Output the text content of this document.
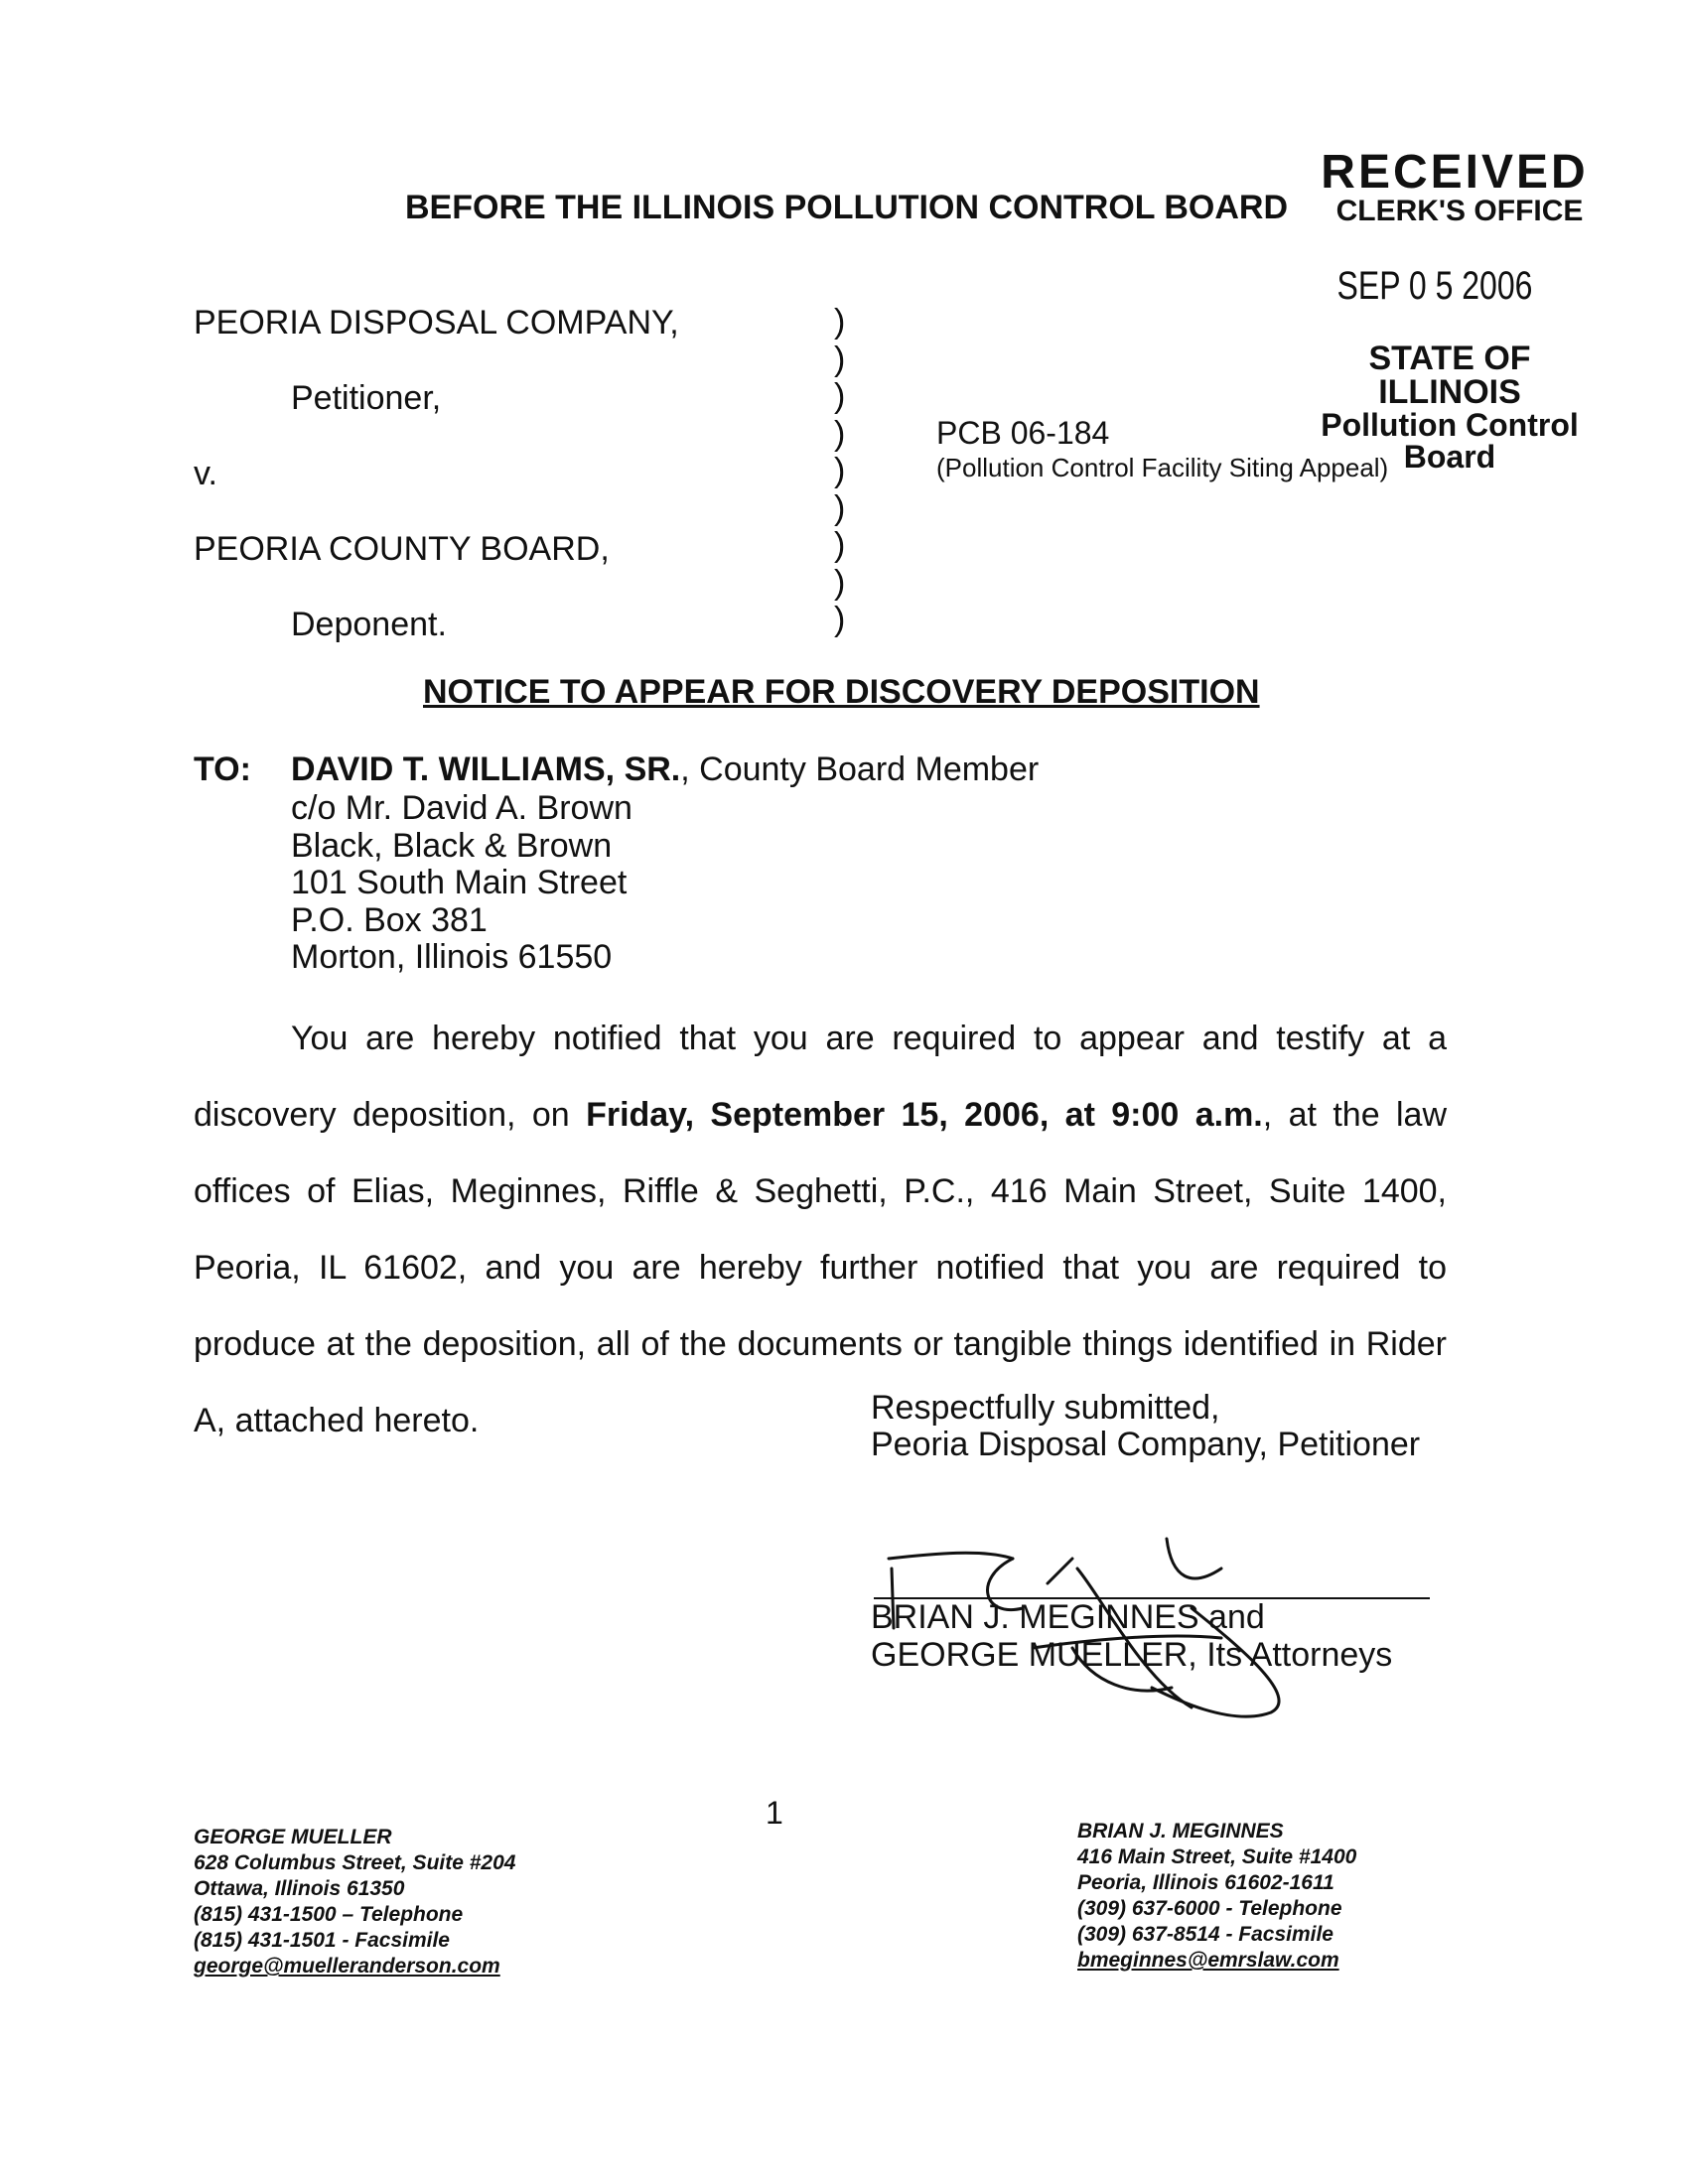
RECEIVED
CLERK'S OFFICE
SEP 0 5 2006
STATE OF ILLINOIS
Pollution Control Board
BEFORE THE ILLINOIS POLLUTION CONTROL BOARD
PEORIA DISPOSAL COMPANY,
Petitioner,
v.
PEORIA COUNTY BOARD,
Deponent.
)
)
)
)
)
)
)
)
)
PCB 06-184
(Pollution Control Facility Siting Appeal)
NOTICE TO APPEAR FOR DISCOVERY DEPOSITION
TO: DAVID T. WILLIAMS, SR., County Board Member
c/o Mr. David A. Brown
Black, Black & Brown
101 South Main Street
P.O. Box 381
Morton, Illinois 61550

You are hereby notified that you are required to appear and testify at a discovery deposition, on Friday, September 15, 2006, at 9:00 a.m., at the law offices of Elias, Meginnes, Riffle & Seghetti, P.C., 416 Main Street, Suite 1400, Peoria, IL 61602, and you are hereby further notified that you are required to produce at the deposition, all of the documents or tangible things identified in Rider A, attached hereto.	Respectfully submitted,
Peoria Disposal Company, Petitioner
BRIAN J. MEGINNES and
GEORGE MUELLER, Its Attorneys
1
GEORGE MUELLER
628 Columbus Street, Suite #204
Ottawa, Illinois 61350
(815) 431-1500 – Telephone
(815) 431-1501 - Facsimile
george@muelleranderson.com
BRIAN J. MEGINNES
416 Main Street, Suite #1400
Peoria, Illinois 61602-1611
(309) 637-6000 - Telephone
(309) 637-8514 - Facsimile
bmeginnes@emrslaw.com
